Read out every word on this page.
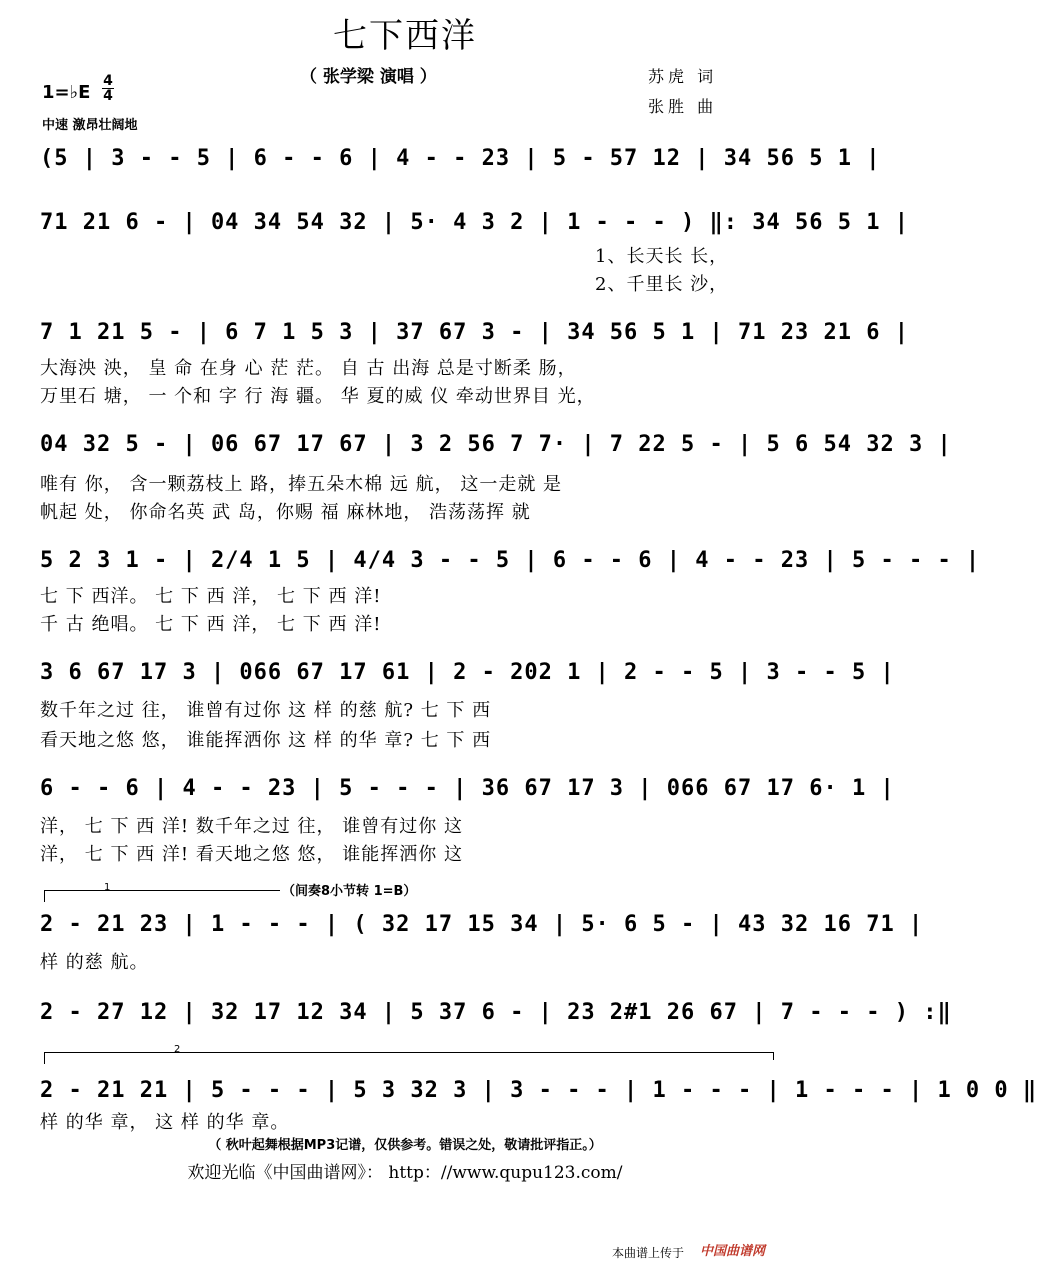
七下西洋
（ 张学梁 演唱 ）	苏虎 词
张胜 曲
1=♭E
4
4
中速 激昂壮阔地
(5 | 3 - - 5 | 6 - - 6 | 4 - - 23 | 5 - 57 12 | 34 56 5 1 |
71 21 6 - | 04 34 54 32 | 5· 4 3 2 | 1 - - - ) ‖: 34 56 5 1 |
1、长天长 长，
2、千里长 沙，
7 1 21 5 - | 6 7 1 5 3 | 37 67 3 - | 34 56 5 1 | 71 23 21 6 |
大海泱 泱， 皇 命 在身 心 茫 茫。 自 古 出海 总是寸断柔 肠，
万里石 塘， 一 个和 字 行 海 疆。 华 夏的威 仪 牵动世界目 光，
04 32 5 - | 06 67 17 67 | 3 2 56 7 7· | 7 22 5 - | 5 6 54 32 3 |
唯有 你， 含一颗荔枝上 路，捧五朵木棉 远 航， 这一走就 是
帆起 处， 你命名英 武 岛，你赐 福 麻林地， 浩荡荡挥 就
5 2 3 1 - | 2/4 1 5 | 4/4 3 - - 5 | 6 - - 6 | 4 - - 23 | 5 - - - |
七 下 西洋。 七 下 西 洋， 七 下 西 洋!
千 古 绝唱。 七 下 西 洋， 七 下 西 洋!
3 6 67 17 3 | 066 67 17 61 | 2 - 202 1 | 2 - - 5 | 3 - - 5 |
数千年之过 往， 谁曾有过你 这 样 的慈 航? 七 下 西
看天地之悠 悠， 谁能挥洒你 这 样 的华 章? 七 下 西
6 - - 6 | 4 - - 23 | 5 - - - | 36 67 17 3 | 066 67 17 6· 1 |
洋， 七 下 西 洋! 数千年之过 往， 谁曾有过你 这
洋， 七 下 西 洋! 看天地之悠 悠， 谁能挥洒你 这
1	（间奏8小节转 1=B）
2 - 21 23 | 1 - - - | ( 32 17 15 34 | 5· 6 5 - | 43 32 16 71 |
样 的慈 航。
2 - 27 12 | 32 17 12 34 | 5 37 6 - | 23 2#1 26 67 | 7 - - - ) :‖
2
2 - 21 21 | 5 - - - | 5 3 32 3 | 3 - - - | 1 - - - | 1 - - - | 1 0 0 ‖
样 的华 章， 这 样 的华 章。
（ 秋叶起舞根据MP3记谱，仅供参考。错误之处，敬请批评指正。）
欢迎光临《中国曲谱网》： http：//www.qupu123.com/
本曲谱上传于 中国曲谱网
